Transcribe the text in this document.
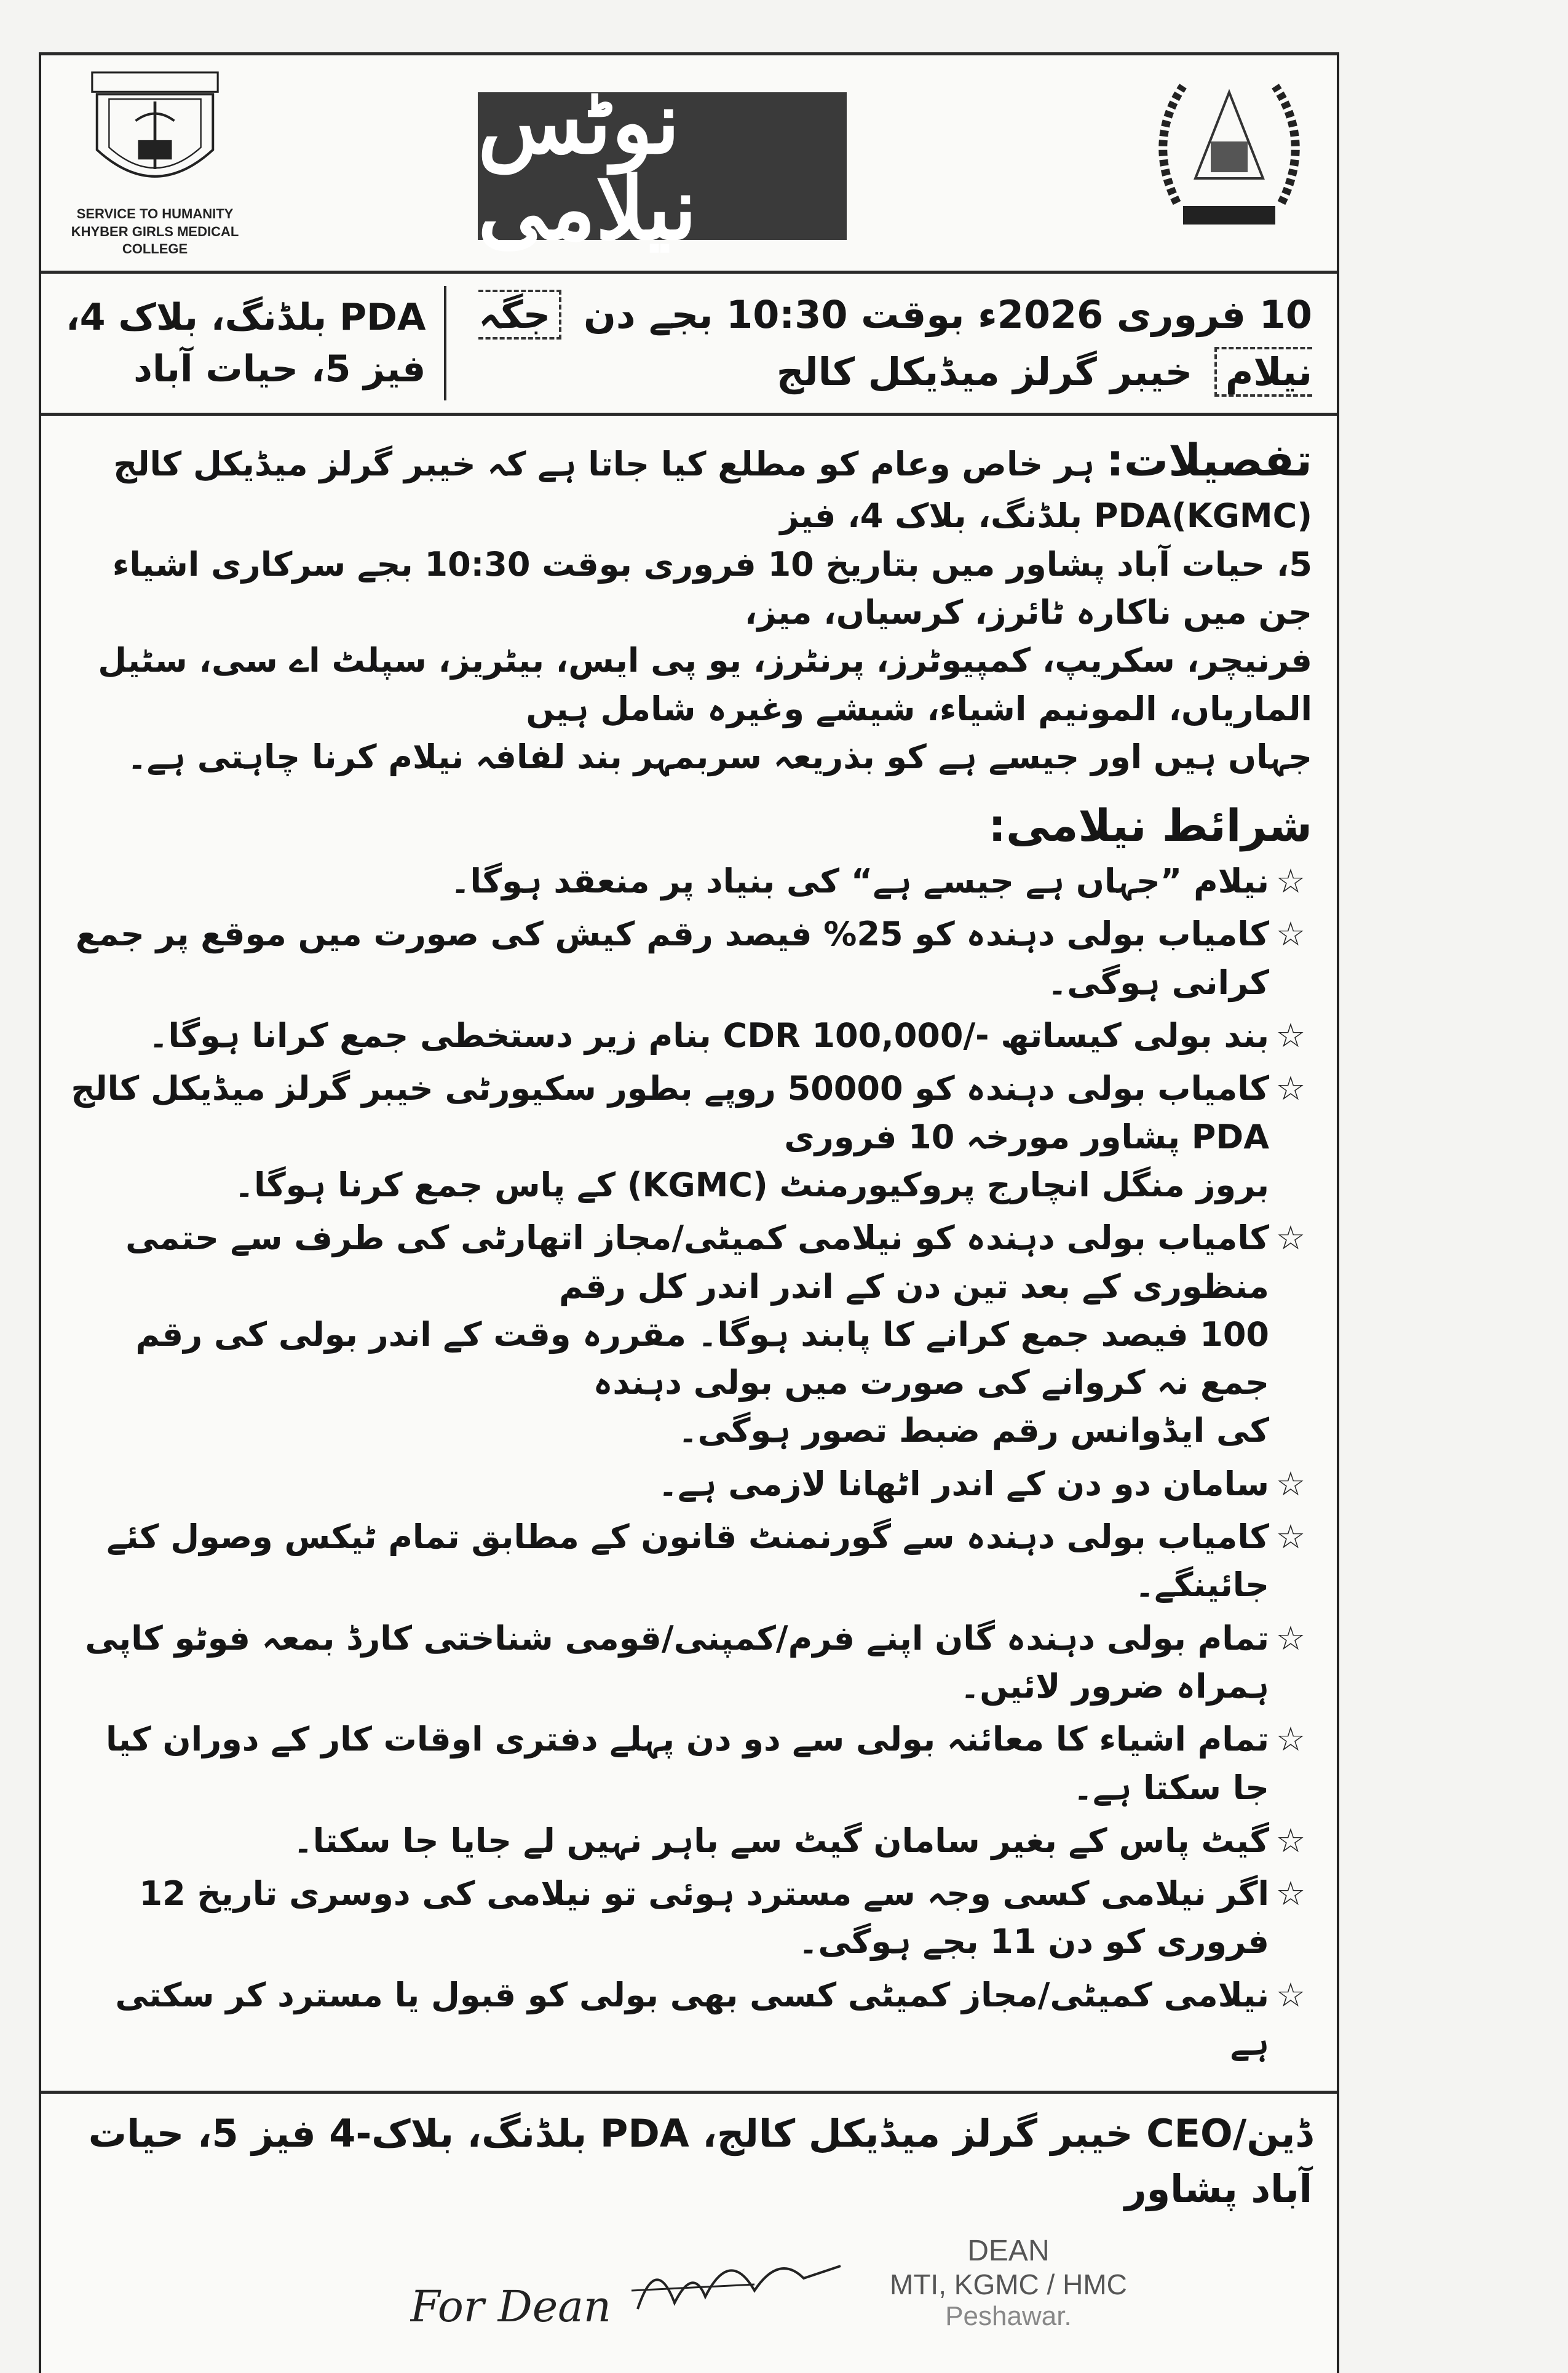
SERVICE TO HUMANITY
KHYBER GIRLS MEDICAL COLLEGE
نوٹس نیلامی
10 فروری 2026ء بوقت 10:30 بجے دن جگہ نیلام خیبر گرلز میڈیکل کالج
PDA بلڈنگ، بلاک 4،
فیز 5، حیات آباد
تفصیلات: ہر خاص وعام کو مطلع کیا جاتا ہے کہ خیبر گرلز میڈیکل کالج (KGMC)PDA بلڈنگ، بلاک 4، فیز
5، حیات آباد پشاور میں بتاریخ 10 فروری بوقت 10:30 بجے سرکاری اشیاء جن میں ناکارہ ٹائرز، کرسیاں، میز،
فرنیچر، سکریپ، کمپیوٹرز، پرنٹرز، یو پی ایس، بیٹریز، سپلٹ اے سی، سٹیل الماریاں، المونیم اشیاء، شیشے وغیرہ شامل ہیں
جہاں ہیں اور جیسے ہے کو بذریعہ سربمہر بند لفافہ نیلام کرنا چاہتی ہے۔
شرائط نیلامی:
☆
نیلام ”جہاں ہے جیسے ہے“ کی بنیاد پر منعقد ہوگا۔
☆
کامیاب بولی دہندہ کو 25% فیصد رقم کیش کی صورت میں موقع پر جمع کرانی ہوگی۔
☆
بند بولی کیساتھ -/CDR 100,000 بنام زیر دستخطی جمع کرانا ہوگا۔
☆
کامیاب بولی دہندہ کو 50000 روپے بطور سکیورٹی خیبر گرلز میڈیکل کالج PDA پشاور مورخہ 10 فروری
بروز منگل انچارج پروکیورمنٹ (KGMC) کے پاس جمع کرنا ہوگا۔
☆
کامیاب بولی دہندہ کو نیلامی کمیٹی/مجاز اتھارٹی کی طرف سے حتمی منظوری کے بعد تین دن کے اندر اندر کل رقم
100 فیصد جمع کرانے کا پابند ہوگا۔ مقررہ وقت کے اندر بولی کی رقم جمع نہ کروانے کی صورت میں بولی دہندہ
کی ایڈوانس رقم ضبط تصور ہوگی۔
☆
سامان دو دن کے اندر اٹھانا لازمی ہے۔
☆
کامیاب بولی دہندہ سے گورنمنٹ قانون کے مطابق تمام ٹیکس وصول کئے جائینگے۔
☆
تمام بولی دہندہ گان اپنے فرم/کمپنی/قومی شناختی کارڈ بمعہ فوٹو کاپی ہمراہ ضرور لائیں۔
☆
تمام اشیاء کا معائنہ بولی سے دو دن پہلے دفتری اوقات کار کے دوران کیا جا سکتا ہے۔
☆
گیٹ پاس کے بغیر سامان گیٹ سے باہر نہیں لے جایا جا سکتا۔
☆
اگر نیلامی کسی وجہ سے مسترد ہوئی تو نیلامی کی دوسری تاریخ 12 فروری کو دن 11 بجے ہوگی۔
☆
نیلامی کمیٹی/مجاز کمیٹی کسی بھی بولی کو قبول یا مسترد کر سکتی ہے
ڈین/CEO خیبر گرلز میڈیکل کالج، PDA بلڈنگ، بلاک-4 فیز 5، حیات آباد پشاور
DEAN
MTI, KGMC / HMC
Peshawar.
For Dean
